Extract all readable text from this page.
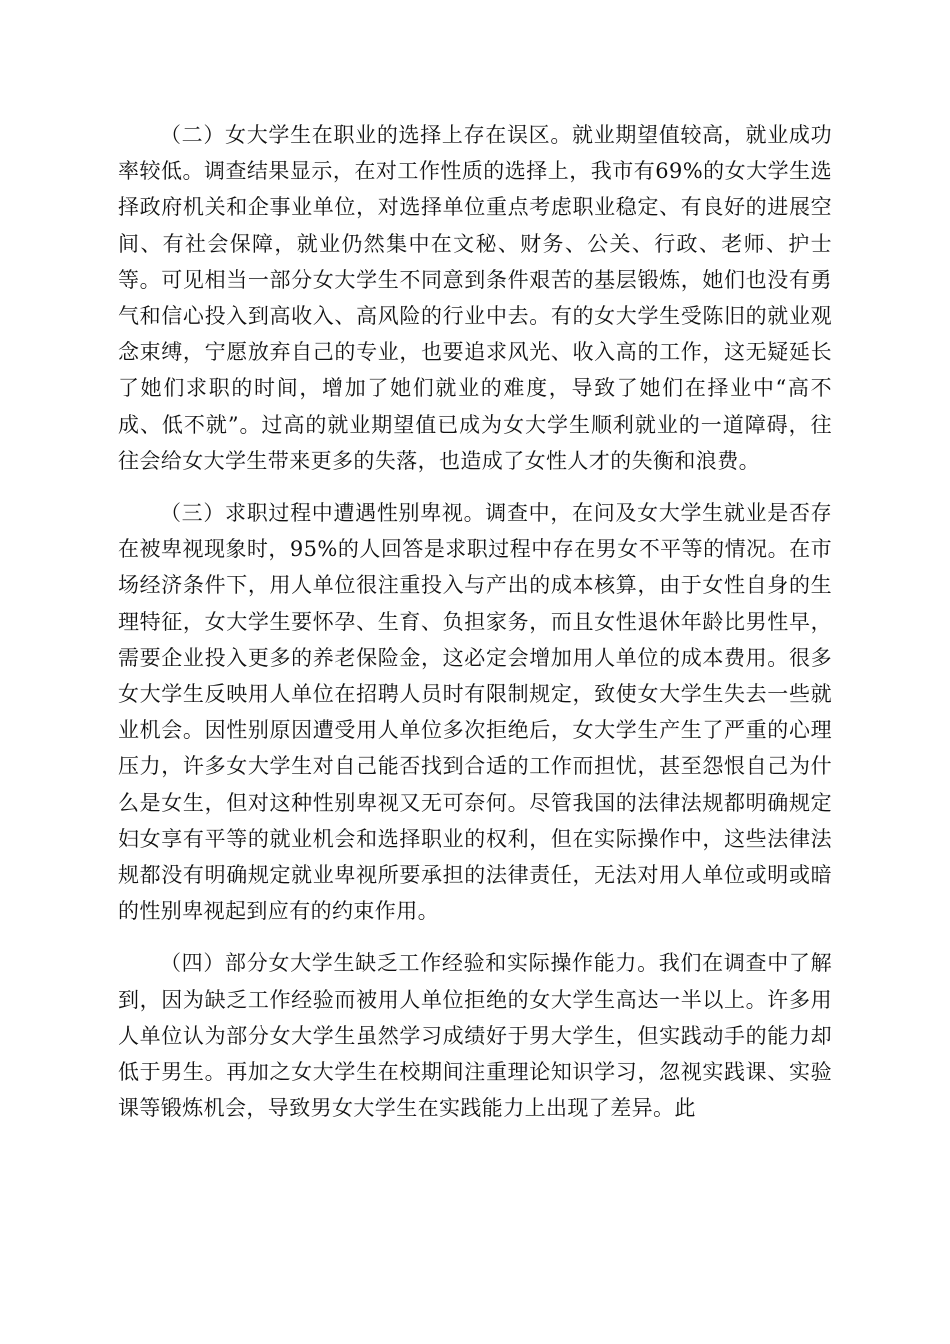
（二）女大学生在职业的选择上存在误区。就业期望值较高，就业成功率较低。调查结果显示，在对工作性质的选择上，我市有69%的女大学生选择政府机关和企事业单位，对选择单位重点考虑职业稳定、有良好的进展空间、有社会保障，就业仍然集中在文秘、财务、公关、行政、老师、护士等。可见相当一部分女大学生不同意到条件艰苦的基层锻炼，她们也没有勇气和信心投入到高收入、高风险的行业中去。有的女大学生受陈旧的就业观念束缚，宁愿放弃自己的专业，也要追求风光、收入高的工作，这无疑延长了她们求职的时间，增加了她们就业的难度，导致了她们在择业中“高不成、低不就”。过高的就业期望值已成为女大学生顺利就业的一道障碍，往往会给女大学生带来更多的失落，也造成了女性人才的失衡和浪费。

（三）求职过程中遭遇性别卑视。调查中，在问及女大学生就业是否存在被卑视现象时，95%的人回答是求职过程中存在男女不平等的情况。在市场经济条件下，用人单位很注重投入与产出的成本核算，由于女性自身的生理特征，女大学生要怀孕、生育、负担家务，而且女性退休年龄比男性早，需要企业投入更多的养老保险金，这必定会增加用人单位的成本费用。很多女大学生反映用人单位在招聘人员时有限制规定，致使女大学生失去一些就业机会。因性别原因遭受用人单位多次拒绝后，女大学生产生了严重的心理压力，许多女大学生对自己能否找到合适的工作而担忧，甚至怨恨自己为什么是女生，但对这种性别卑视又无可奈何。尽管我国的法律法规都明确规定妇女享有平等的就业机会和选择职业的权利，但在实际操作中，这些法律法规都没有明确规定就业卑视所要承担的法律责任，无法对用人单位或明或暗的性别卑视起到应有的约束作用。

（四）部分女大学生缺乏工作经验和实际操作能力。我们在调查中了解到，因为缺乏工作经验而被用人单位拒绝的女大学生高达一半以上。许多用人单位认为部分女大学生虽然学习成绩好于男大学生，但实践动手的能力却低于男生。再加之女大学生在校期间注重理论知识学习，忽视实践课、实验课等锻炼机会，导致男女大学生在实践能力上出现了差异。此
